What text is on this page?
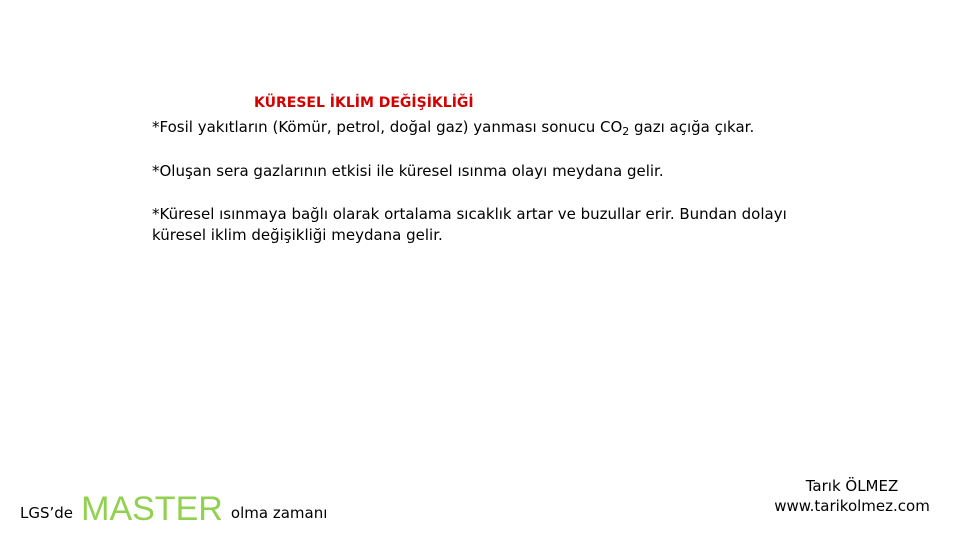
KÜRESEL İKLİM DEĞİŞİKLİĞİ
*Fosil yakıtların (Kömür, petrol, doğal gaz) yanması sonucu $CO_2$ gazı açığa çıkar.
*Oluşan sera gazlarının etkisi ile küresel ısınma olayı meydana gelir.
*Küresel ısınmaya bağlı olarak ortalama sıcaklık artar ve buzullar erir. Bundan dolayı küresel iklim değişikliği meydana gelir.
LGS’de MASTER olma zamanı
Tarık ÖLMEZ
www.tarikolmez.com
